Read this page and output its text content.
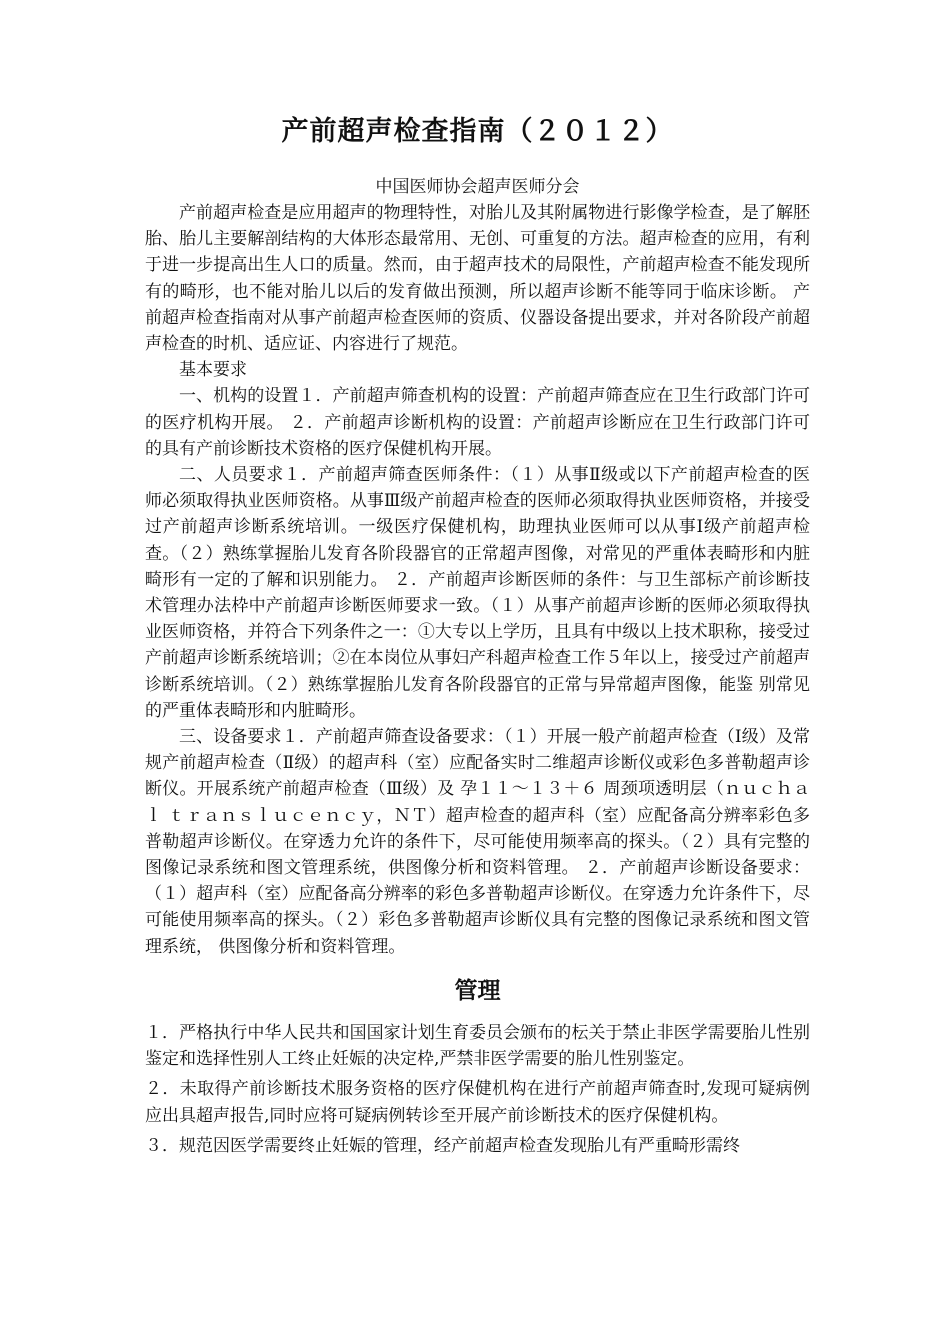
产前超声检查指南（２０１２）

中国医师协会超声医师分会

产前超声检查是应用超声的物理特性，对胎儿及其附属物进行影像学检查，是了解胚胎、胎儿主要解剖结构的大体形态最常用、无创、可重复的方法。超声检查的应用，有利于进一步提高出生人口的质量。然而，由于超声技术的局限性，产前超声检查不能发现所有的畸形，也不能对胎儿以后的发育做出预测，所以超声诊断不能等同于临床诊断。 产前超声检查指南对从事产前超声检查医师的资质、仪器设备提出要求，并对各阶段产前超声检查的时机、适应证、内容进行了规范。

基本要求

一、机构的设置１．产前超声筛查机构的设置：产前超声筛查应在卫生行政部门许可的医疗机构开展。 ２．产前超声诊断机构的设置：产前超声诊断应在卫生行政部门许可的具有产前诊断技术资格的医疗保健机构开展。

二、人员要求１．产前超声筛查医师条件：（１）从事Ⅱ级或以下产前超声检查的医师必须取得执业医师资格。从事Ⅲ级产前超声检查的医师必须取得执业医师资格，并接受过产前超声诊断系统培训。一级医疗保健机构，助理执业医师可以从事Ⅰ级产前超声检查。（２）熟练掌握胎儿发育各阶段器官的正常超声图像，对常见的严重体表畸形和内脏畸形有一定的了解和识别能力。 ２．产前超声诊断医师的条件：与卫生部标产前诊断技术管理办法枠中产前超声诊断医师要求一致。（１）从事产前超声诊断的医师必须取得执业医师资格，并符合下列条件之一：①大专以上学历，且具有中级以上技术职称，接受过产前超声诊断系统培训；②在本岗位从事妇产科超声检查工作５年以上，接受过产前超声诊断系统培训。（２）熟练掌握胎儿发育各阶段器官的正常与异常超声图像，能鉴 别常见的严重体表畸形和内脏畸形。

三、设备要求１．产前超声筛查设备要求：（１）开展一般产前超声检查（Ⅰ级）及常规产前超声检查（Ⅱ级）的超声科（室）应配备实时二维超声诊断仪或彩色多普勒超声诊断仪。开展系统产前超声检查（Ⅲ级）及 孕１１～１３＋６ 周颈项透明层（ｎｕｃｈａｌ ｔｒａｎｓｌｕｃｅｎｃｙ，ＮＴ）超声检查的超声科（室）应配备高分辨率彩色多普勒超声诊断仪。在穿透力允许的条件下，尽可能使用频率高的探头。（２）具有完整的图像记录系统和图文管理系统，供图像分析和资料管理。 ２．产前超声诊断设备要求：（１）超声科（室）应配备高分辨率的彩色多普勒超声诊断仪。在穿透力允许条件下，尽可能使用频率高的探头。（２）彩色多普勒超声诊断仪具有完整的图像记录系统和图文管理系统， 供图像分析和资料管理。

管理

１．严格执行中华人民共和国国家计划生育委员会颁布的枟关于禁止非医学需要胎儿性别鉴定和选择性别人工终止妊娠的决定枠,严禁非医学需要的胎儿性别鉴定。

２．未取得产前诊断技术服务资格的医疗保健机构在进行产前超声筛查时,发现可疑病例应出具超声报告,同时应将可疑病例转诊至开展产前诊断技术的医疗保健机构。

３．规范因医学需要终止妊娠的管理，经产前超声检查发现胎儿有严重畸形需终
